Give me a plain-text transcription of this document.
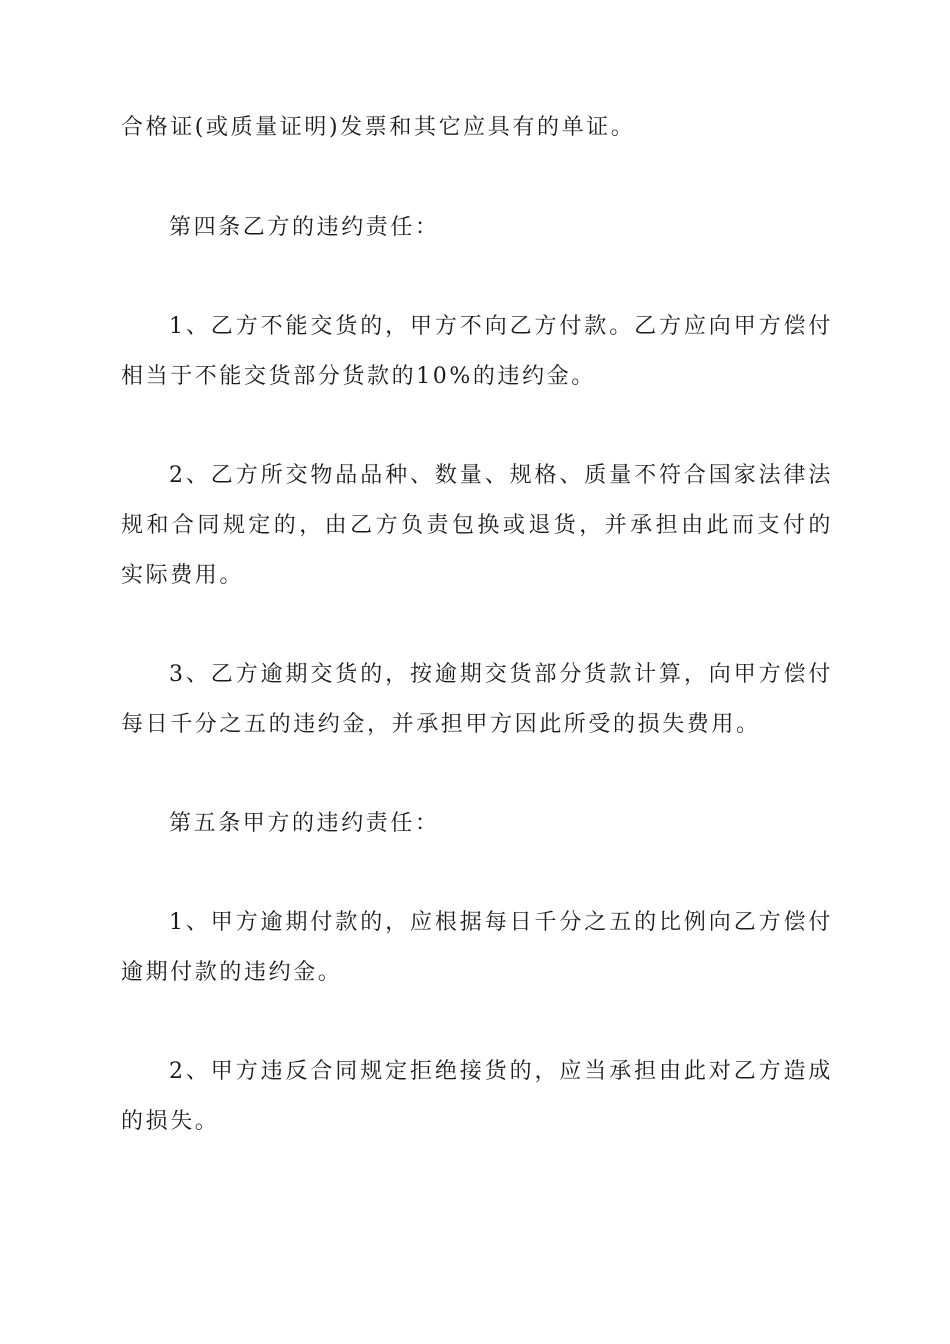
合格证(或质量证明)发票和其它应具有的单证。

第四条乙方的违约责任：

1、乙方不能交货的，甲方不向乙方付款。乙方应向甲方偿付相当于不能交货部分货款的10%的违约金。

2、乙方所交物品品种、数量、规格、质量不符合国家法律法规和合同规定的，由乙方负责包换或退货，并承担由此而支付的实际费用。

3、乙方逾期交货的，按逾期交货部分货款计算，向甲方偿付每日千分之五的违约金，并承担甲方因此所受的损失费用。

第五条甲方的违约责任：

1、甲方逾期付款的，应根据每日千分之五的比例向乙方偿付逾期付款的违约金。

2、甲方违反合同规定拒绝接货的，应当承担由此对乙方造成的损失。
